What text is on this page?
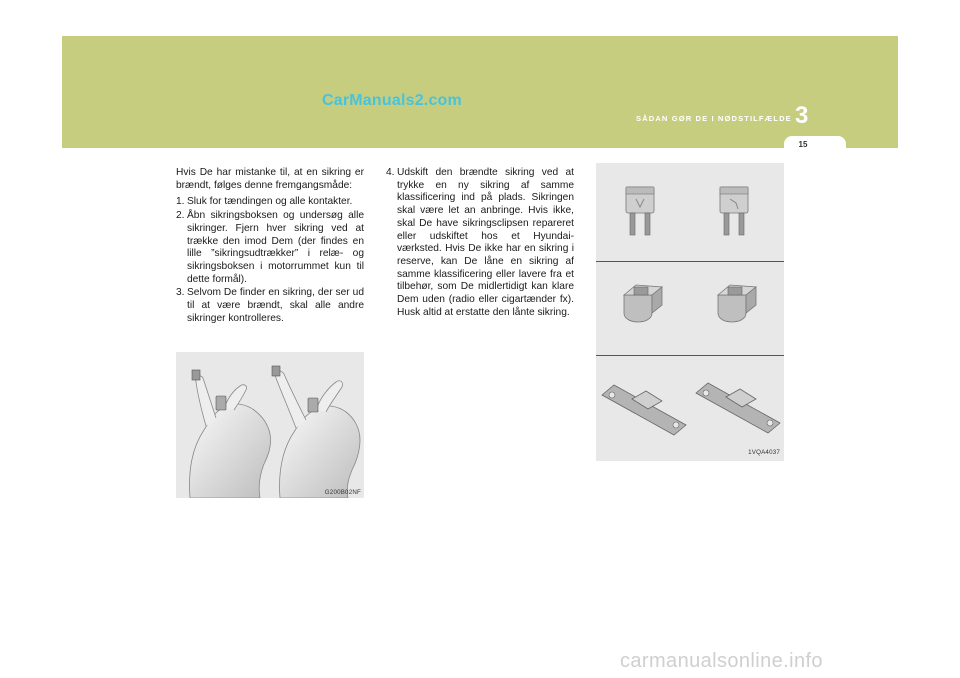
CarManuals2.com
SÅDAN GØR DE I NØDSTILFÆLDE 3
15

Hvis De har mistanke til, at en sikring er brændt, følges denne fremgangsmåde:

1. Sluk for tændingen og alle kontakter.
2. Åbn sikringsboksen og undersøg alle sikringer. Fjern hver sikring ved at trække den imod Dem (der findes en lille ”sikringsudtrækker” i relæ- og sikringsboksen i motorrummet kun til dette formål).
3. Selvom De finder en sikring, der ser ud til at være brændt, skal alle andre sikringer kontrolleres.
4. Udskift den brændte sikring ved at trykke en ny sikring af samme klassificering ind på plads. Sikringen skal være let an anbringe. Hvis ikke, skal De have sikringsclipsen repareret eller udskiftet hos et Hyundai-værksted. Hvis De ikke har en sikring i reserve, kan De låne en sikring af samme klassificering eller lavere fra et tilbehør, som De midlertidigt kan klare Dem uden (radio eller cigartænder fx). Husk altid at erstatte den lånte sikring.
G200B02NF
1VQA4037
carmanualsonline.info
